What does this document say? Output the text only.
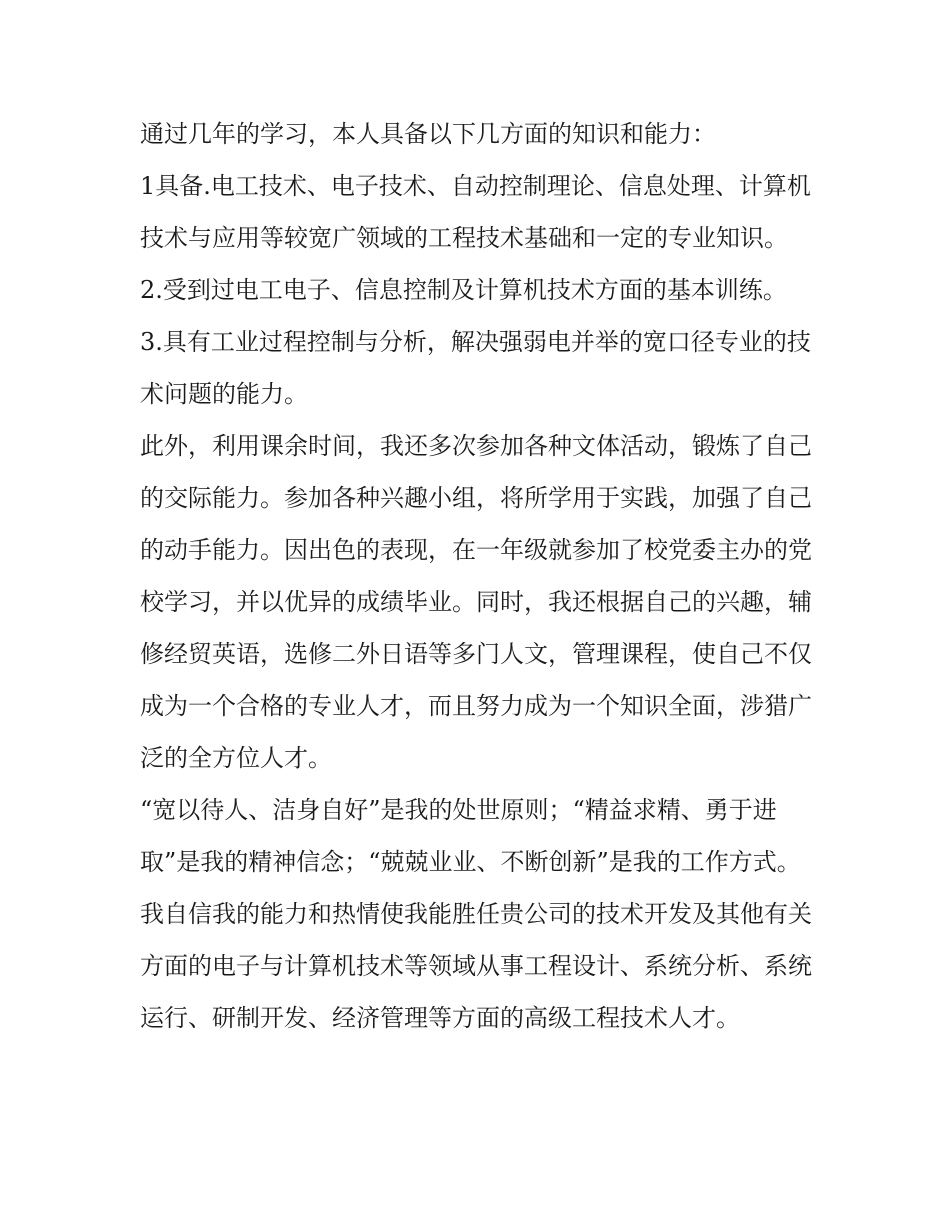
通过几年的学习，本人具备以下几方面的知识和能力：

1具备.电工技术、电子技术、自动控制理论、信息处理、计算机技术与应用等较宽广领域的工程技术基础和一定的专业知识。

2.受到过电工电子、信息控制及计算机技术方面的基本训练。

3.具有工业过程控制与分析，解决强弱电并举的宽口径专业的技术问题的能力。

此外，利用课余时间，我还多次参加各种文体活动，锻炼了自己的交际能力。参加各种兴趣小组，将所学用于实践，加强了自己的动手能力。因出色的表现，在一年级就参加了校党委主办的党校学习，并以优异的成绩毕业。同时，我还根据自己的兴趣，辅修经贸英语，选修二外日语等多门人文，管理课程，使自己不仅成为一个合格的专业人才，而且努力成为一个知识全面，涉猎广泛的全方位人才。

“宽以待人、洁身自好”是我的处世原则；“精益求精、勇于进取”是我的精神信念；“兢兢业业、不断创新”是我的工作方式。我自信我的能力和热情使我能胜任贵公司的技术开发及其他有关方面的电子与计算机技术等领域从事工程设计、系统分析、系统运行、研制开发、经济管理等方面的高级工程技术人才。
